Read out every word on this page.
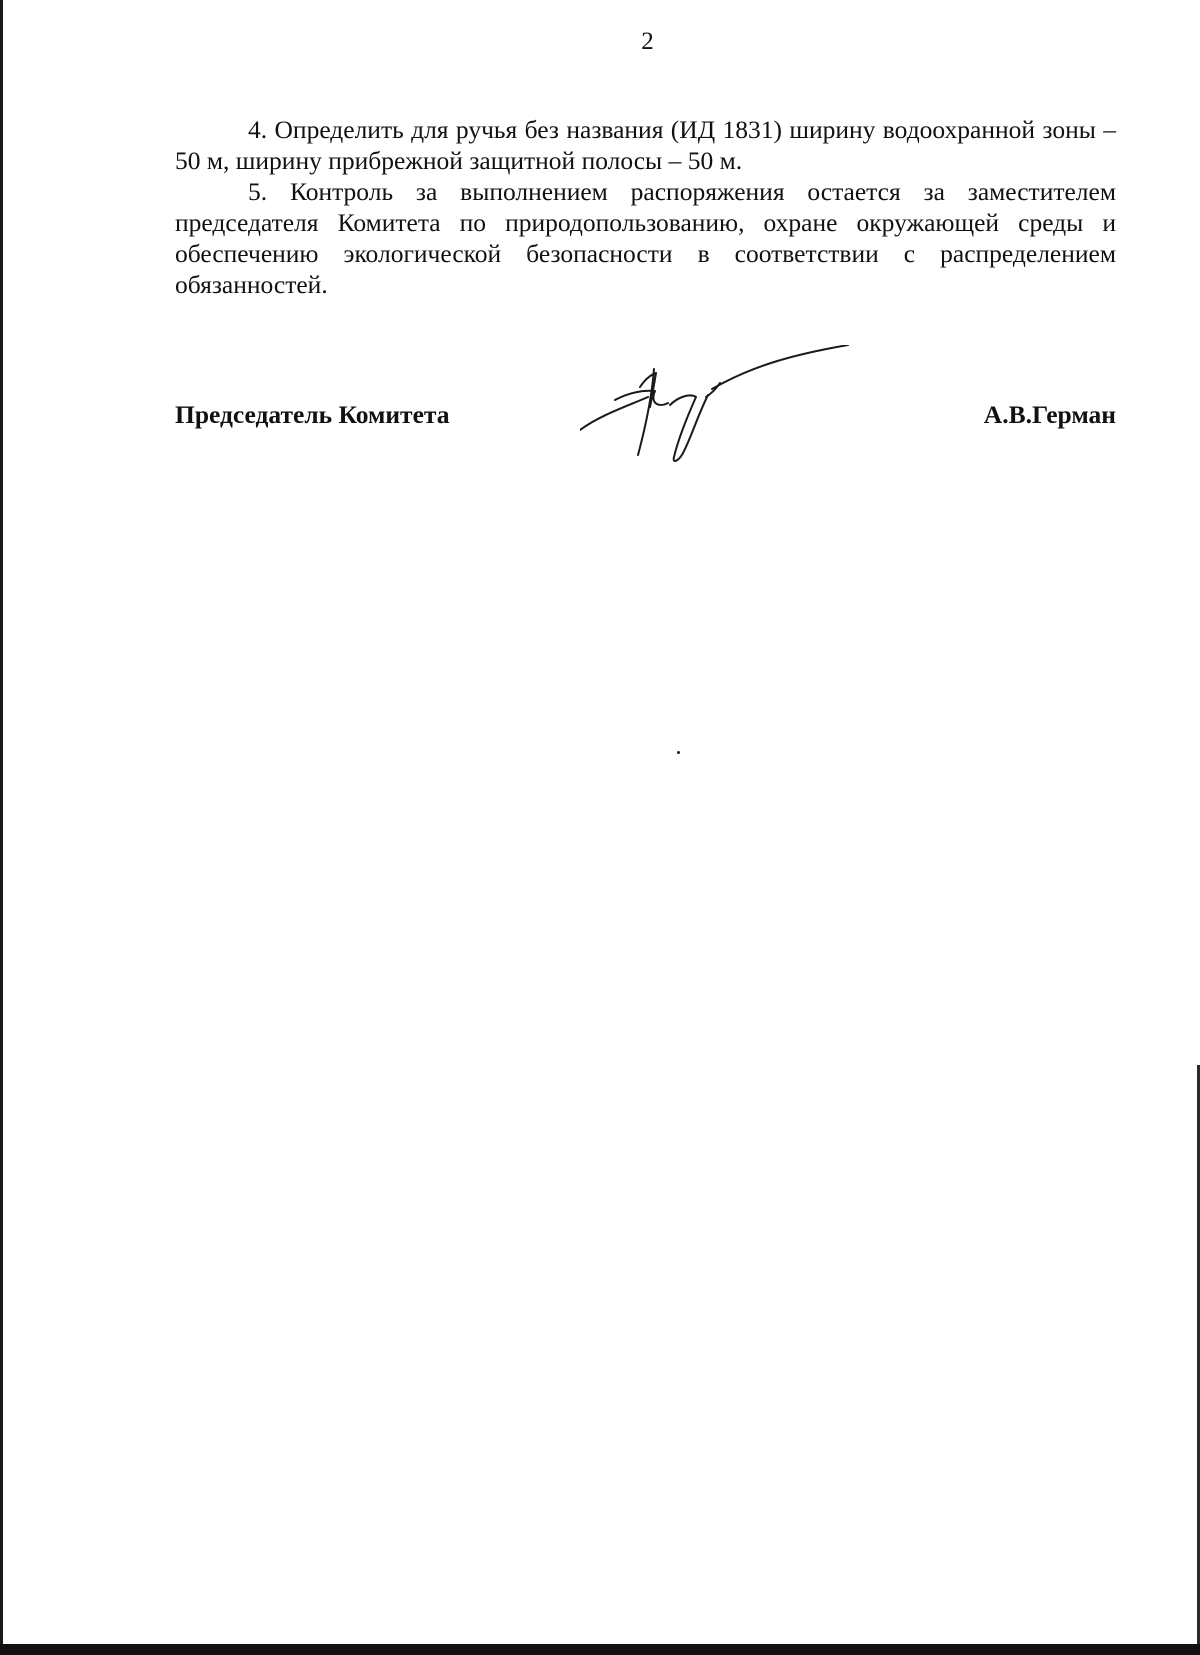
2

4. Определить для ручья без названия (ИД 1831) ширину водоохранной зоны – 50 м, ширину прибрежной защитной полосы – 50 м.

5. Контроль за выполнением распоряжения остается за заместителем председателя Комитета по природопользованию, охране окружающей среды и обеспечению экологической безопасности в соответствии с распределением обязанностей.

Председатель Комитета	А.В.Герман
